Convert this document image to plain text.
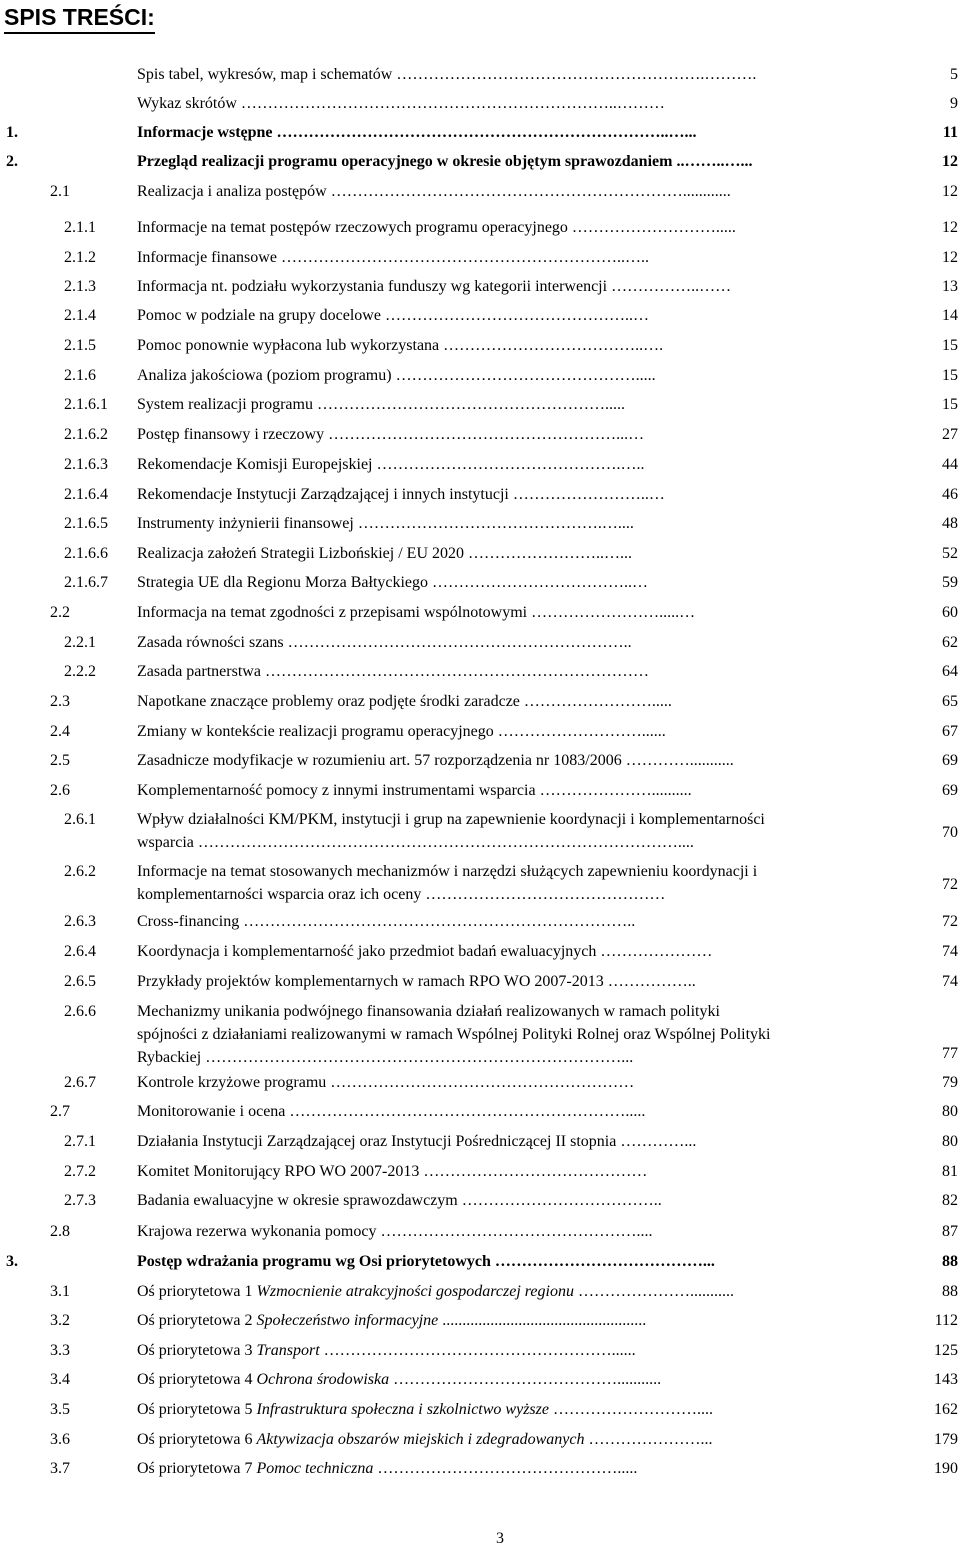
SPIS TREŚCI:
Spis tabel, wykresów, map i schematów ………………………………………………….……….	5
Wykaz skrótów ……………………………………………………………..………	9
1.	Informacje wstępne ………………………………………………………………..…...	11
2.	Przegląd realizacji programu operacyjnego w okresie objętym sprawozdaniem ..……..…...	12
2.1	Realizacja i analiza postępów …………………………………………………………............	12
2.1.1	Informacje na temat postępów rzeczowych programu operacyjnego ……………………….....	12
2.1.2	Informacje finansowe ………………………………………………………..…..	12
2.1.3	Informacja nt. podziału wykorzystania funduszy wg kategorii interwencji ……………..……	13
2.1.4	Pomoc w podziale na grupy docelowe ………………………………………..…	14
2.1.5	Pomoc ponownie wypłacona lub wykorzystana ………………………………..….	15
2.1.6	Analiza jakościowa (poziom programu) ……………………………………….....	15
2.1.6.1 System realizacji programu ……………………………………………….....	15
2.1.6.2 Postęp finansowy i rzeczowy ………………………………………………...…	27
2.1.6.3 Rekomendacje Komisji Europejskiej ……………………………………….…..	44
2.1.6.4 Rekomendacje Instytucji Zarządzającej i innych instytucji ……………………..…	46
2.1.6.5 Instrumenty inżynierii finansowej ……………………………………….…....	48
2.1.6.6 Realizacja założeń Strategii Lizbońskiej / EU 2020 ……………………..…...	52
2.1.6.7 Strategia UE dla Regionu Morza Bałtyckiego ………………………………..…	59
2.2	Informacja na temat zgodności z przepisami wspólnotowymi …………………….....…	60
2.2.1	Zasada równości szans ………………………………………………………..	62
2.2.2	Zasada partnerstwa ………………………………………………………………	64
2.3	Napotkane znaczące problemy oraz podjęte środki zaradcze …………………….....	65
2.4	Zmiany w kontekście realizacji programu operacyjnego ………………………......	67
2.5	Zasadnicze modyfikacje w rozumieniu art. 57 rozporządzenia nr 1083/2006 …………...........	69
2.6	Komplementarność pomocy z innymi instrumentami wsparcia …………………..........	69
2.6.1	Wpływ działalności KM/PKM, instytucji i grup na zapewnienie koordynacji i komplementarności
wsparcia ………………………………………………………………………………....
70
2.6.2	Informacje na temat stosowanych mechanizmów i narzędzi służących zapewnieniu koordynacji i
komplementarności wsparcia oraz ich oceny ………………………………………
72
2.6.3	Cross-financing ………………………………………………………………..	72
2.6.4	Koordynacja i komplementarność jako przedmiot badań ewaluacyjnych …………………	74
2.6.5	Przykłady projektów komplementarnych w ramach RPO WO 2007-2013 ……………..	74
2.6.6	Mechanizmy unikania podwójnego finansowania działań realizowanych w ramach polityki
spójności z działaniami realizowanymi w ramach Wspólnej Polityki Rolnej oraz Wspólnej Polityki
Rybackiej ……………………………………………………………………...	77
2.6.7	Kontrole krzyżowe programu …………………………………………………	79
2.7	Monitorowanie i ocena ……………………………………………………….....	80
2.7.1	Działania Instytucji Zarządzającej oraz Instytucji Pośredniczącej II stopnia …………...	80
2.7.2	Komitet Monitorujący RPO WO 2007-2013 ……………………………………	81
2.7.3	Badania ewaluacyjne w okresie sprawozdawczym ………………………………..	82
2.8	Krajowa rezerwa wykonania pomocy …………………………………………....	87
3.	Postęp wdrażania programu wg Osi priorytetowych …………………………………...	88
3.1	Oś priorytetowa 1 Wzmocnienie atrakcyjności gospodarczej regionu …………………...........	88
3.2	Oś priorytetowa 2 Społeczeństwo informacyjne ...................................................	112
3.3	Oś priorytetowa 3 Transport ………………………………………………......	125
3.4	Oś priorytetowa 4 Ochrona środowiska ……………………………………...........	143
3.5	Oś priorytetowa 5 Infrastruktura społeczna i szkolnictwo wyższe ………………………....	162
3.6	Oś priorytetowa 6 Aktywizacja obszarów miejskich i zdegradowanych …………………...	179
3.7	Oś priorytetowa 7 Pomoc techniczna ……………………………………….....	190
3
